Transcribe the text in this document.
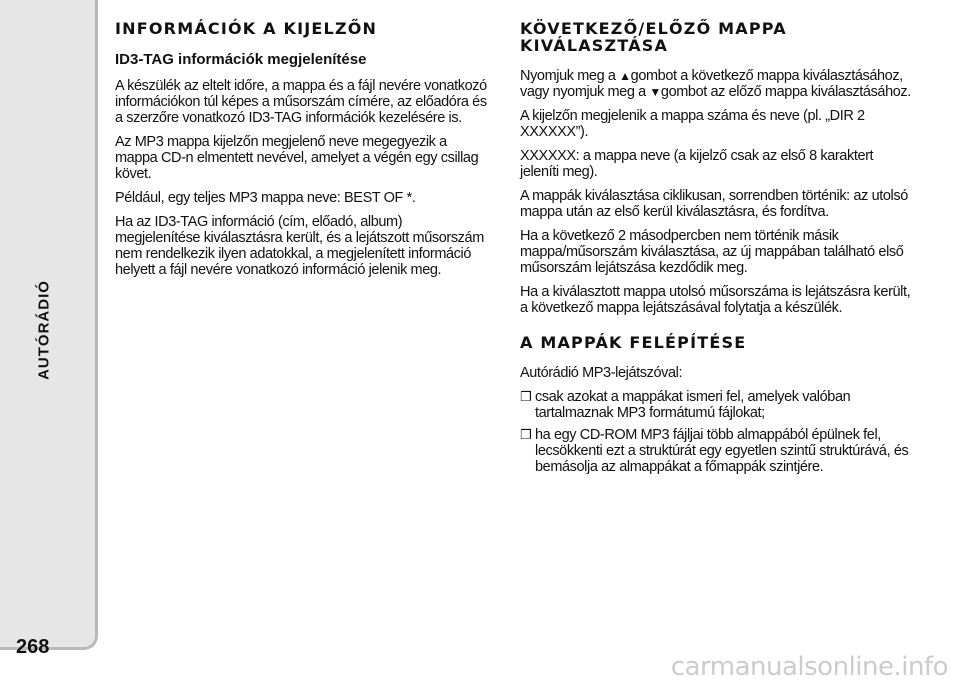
AUTÓRÁDIÓ
268
INFORMÁCIÓK A KIJELZŐN
ID3-TAG információk megjelenítése

A készülék az eltelt időre, a mappa és a fájl nevére vonatkozó információkon túl képes a műsorszám címére, az előadóra és a szerzőre vonatkozó ID3-TAG információk kezelésére is.

Az MP3 mappa kijelzőn megjelenő neve megegyezik a mappa CD-n elmentett nevével, amelyet a végén egy csillag követ.

Például, egy teljes MP3 mappa neve: BEST OF *.

Ha az ID3-TAG információ (cím, előadó, album) megjelenítése kiválasztásra került, és a lejátszott műsorszám nem rendelkezik ilyen adatokkal, a megjelenített információ helyett a fájl nevére vonatkozó információ jelenik meg.

KÖVETKEZŐ/ELŐZŐ MAPPA KIVÁLASZTÁSA

Nyomjuk meg a ▲gombot a következő mappa kiválasztásához, vagy nyomjuk meg a ▼gombot az előző mappa kiválasztásához.

A kijelzőn megjelenik a mappa száma és neve (pl. „DIR 2 XXXXXX”).

XXXXXX: a mappa neve (a kijelző csak az első 8 karaktert jeleníti meg).

A mappák kiválasztása ciklikusan, sorrendben történik: az utolsó mappa után az első kerül kiválasztásra, és fordítva.

Ha a következő 2 másodpercben nem történik másik mappa/műsorszám kiválasztása, az új mappában található első műsorszám lejátszása kezdődik meg.

Ha a kiválasztott mappa utolsó műsorszáma is lejátszásra került, a következő mappa lejátszásával folytatja a készülék.

A MAPPÁK FELÉPÍTÉSE

Autórádió MP3-lejátszóval:

❒ csak azokat a mappákat ismeri fel, amelyek valóban tartalmaznak MP3 formátumú fájlokat;
❒ ha egy CD-ROM MP3 fájljai több almappából épülnek fel, lecsökkenti ezt a struktúrát egy egyetlen szintű struktúrává, és bemásolja az almappákat a főmappák szintjére.
carmanualsonline.info
